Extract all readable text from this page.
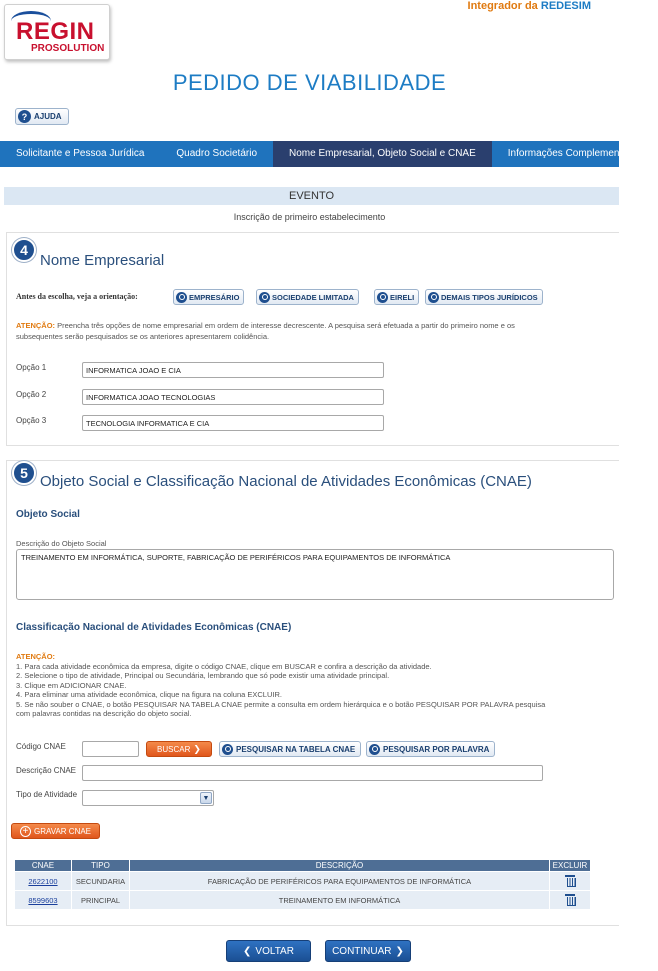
REGIN
PROSOLUTION
Integrador da REDESIM
PEDIDO DE VIABILIDADE
? AJUDA
Solicitante e Pessoa Jurídica	Quadro Societário	Nome Empresarial, Objeto Social e CNAE	Informações Complementares
EVENTO
Inscrição de primeiro estabelecimento
4
Nome Empresarial
Antes da escolha, veja a orientação:	EMPRESÁRIO	SOCIEDADE LIMITADA	EIRELI	DEMAIS TIPOS JURÍDICOS
ATENÇÃO: Preencha três opções de nome empresarial em ordem de interesse decrescente. A pesquisa será efetuada a partir do primeiro nome e os
subsequentes serão pesquisados se os anteriores apresentarem colidência.
Opção 1
INFORMATICA JOAO E CIA
Opção 2
INFORMATICA JOAO TECNOLOGIAS
Opção 3
TECNOLOGIA INFORMATICA E CIA
5 Objeto Social e Classificação Nacional de Atividades Econômicas (CNAE)
Objeto Social
Descrição do Objeto Social
TREINAMENTO EM INFORMÁTICA, SUPORTE, FABRICAÇÃO DE PERIFÉRICOS PARA EQUIPAMENTOS DE INFORMÁTICA
Classificação Nacional de Atividades Econômicas (CNAE)
ATENÇÃO:
1. Para cada atividade econômica da empresa, digite o código CNAE, clique em BUSCAR e confira a descrição da atividade.
2. Selecione o tipo de atividade, Principal ou Secundária, lembrando que só pode existir uma atividade principal.
3. Clique em ADICIONAR CNAE.
4. Para eliminar uma atividade econômica, clique na figura na coluna EXCLUIR.
5. Se não souber o CNAE, o botão PESQUISAR NA TABELA CNAE permite a consulta em ordem hierárquica e o botão PESQUISAR POR PALAVRA pesquisa
com palavras contidas na descrição do objeto social.
Código CNAE	BUSCAR ❯	PESQUISAR NA TABELA CNAE	PESQUISAR POR PALAVRA
Descrição CNAE
Tipo de Atividade	▼
+ GRAVAR CNAE
CNAE	TIPO	DESCRIÇÃO	EXCLUIR
2622100	SECUNDARIA	FABRICAÇÃO DE PERIFÉRICOS PARA EQUIPAMENTOS DE INFORMÁTICA	
8599603	PRINCIPAL	TREINAMENTO EM INFORMÁTICA	
❮ VOLTAR	CONTINUAR ❯
